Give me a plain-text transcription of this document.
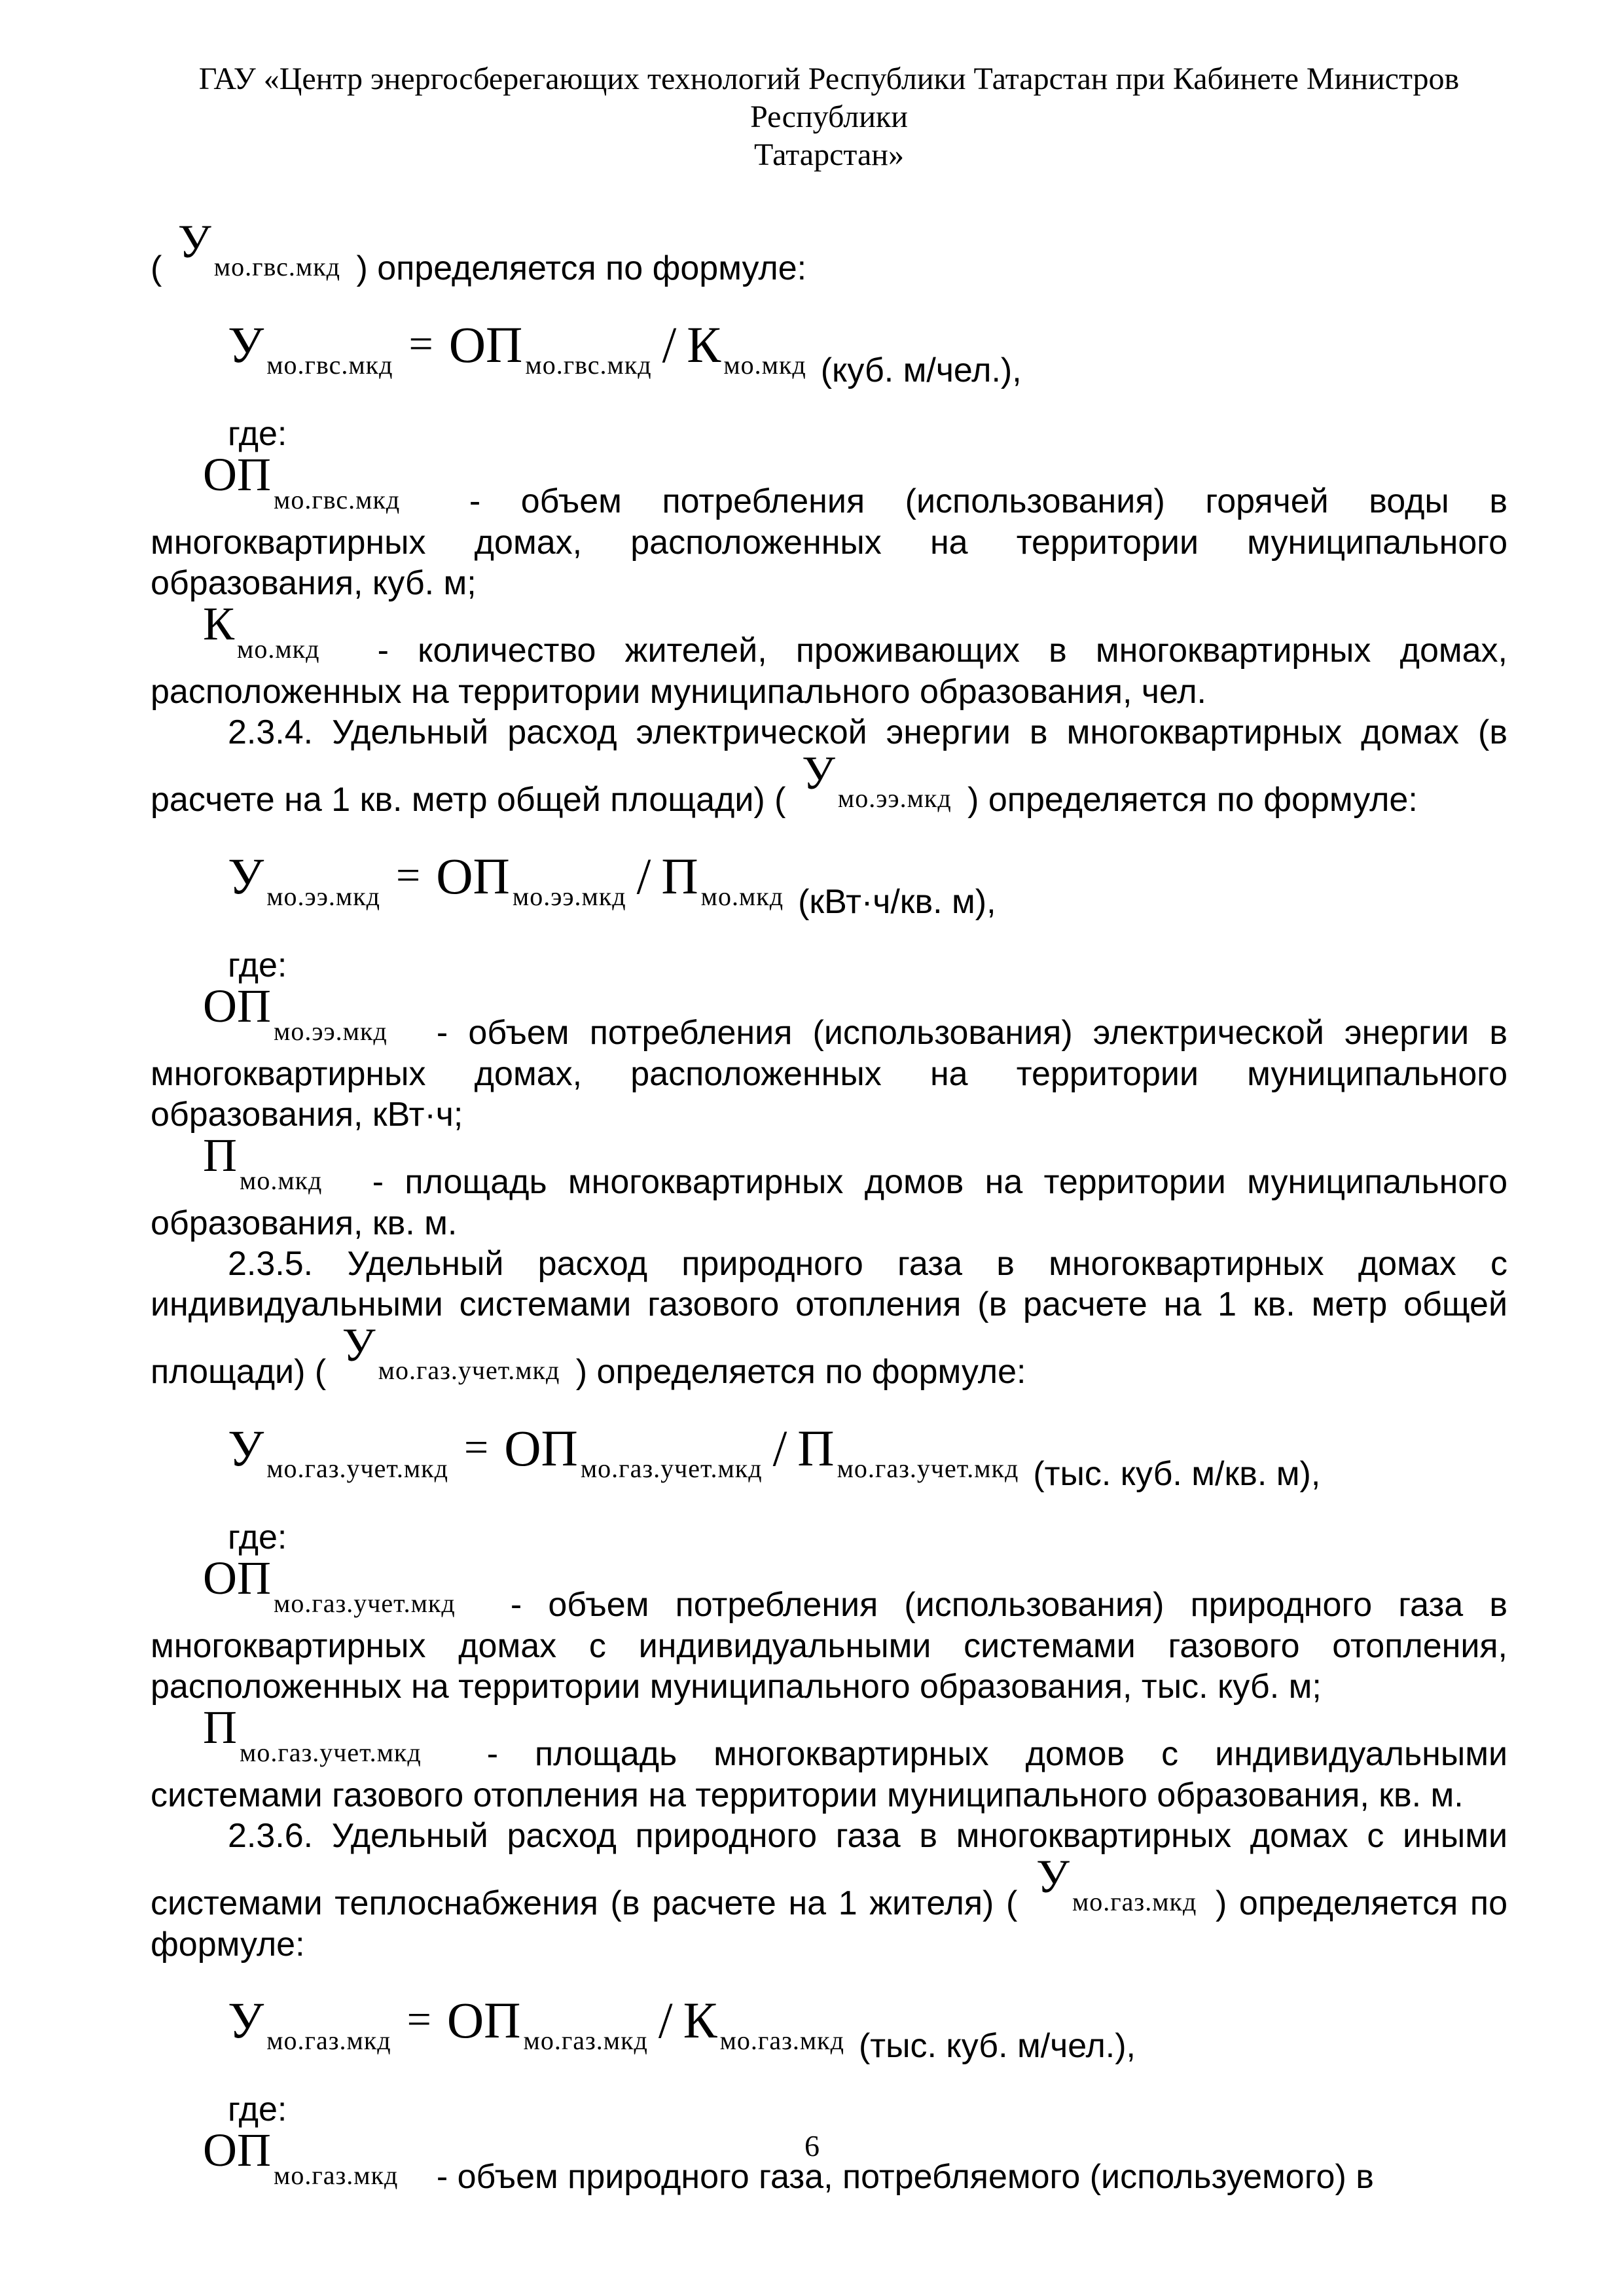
ГАУ «Центр энергосберегающих технологий Республики Татарстан при Кабинете Министров Республики
Татарстан»

( У мо.гвс.мкд ) определяется по формуле:

Умо.гвс.мкд = ОП мо.гвс.мкд / К мо.мкд (куб. м/чел.),

где:

ОП мо.гвс.мкд - объем потребления (использования) горячей воды в многоквартирных домах, расположенных на территории муниципального образования, куб. м;

Кмо.мкд - количество жителей, проживающих в многоквартирных домах, расположенных на территории муниципального образования, чел.

2.3.4. Удельный расход электрической энергии в многоквартирных домах (в расчете на 1 кв. метр общей площади) ( У мо.ээ.мкд ) определяется по формуле:

Умо.ээ.мкд = ОП мо.ээ.мкд / П мо.мкд (кВт·ч/кв. м),

где:

ОП мо.ээ.мкд - объем потребления (использования) электрической энергии в многоквартирных домах, расположенных на территории муниципального образования, кВт·ч;

Пмо.мкд - площадь многоквартирных домов на территории муниципального образования, кв. м.

2.3.5. Удельный расход природного газа в многоквартирных домах с индивидуальными системами газового отопления (в расчете на 1 кв. метр общей площади) ( У мо.газ.учет.мкд ) определяется по формуле:

Умо.газ.учет.мкд = ОП мо.газ.учет.мкд / П мо.газ.учет.мкд (тыс. куб. м/кв. м),

где:

ОП мо.газ.учет.мкд - объем потребления (использования) природного газа в многоквартирных домах с индивидуальными системами газового отопления, расположенных на территории муниципального образования, тыс. куб. м;

Пмо.газ.учет.мкд - площадь многоквартирных домов с индивидуальными системами газового отопления на территории муниципального образования, кв. м.

2.3.6. Удельный расход природного газа в многоквартирных домах с иными системами теплоснабжения (в расчете на 1 жителя) ( У мо.газ.мкд ) определяется по формуле:

Умо.газ.мкд = ОП мо.газ.мкд / К мо.газ.мкд (тыс. куб. м/чел.),

где:

ОП мо.газ.мкд - объем природного газа, потребляемого (используемого) в

6
